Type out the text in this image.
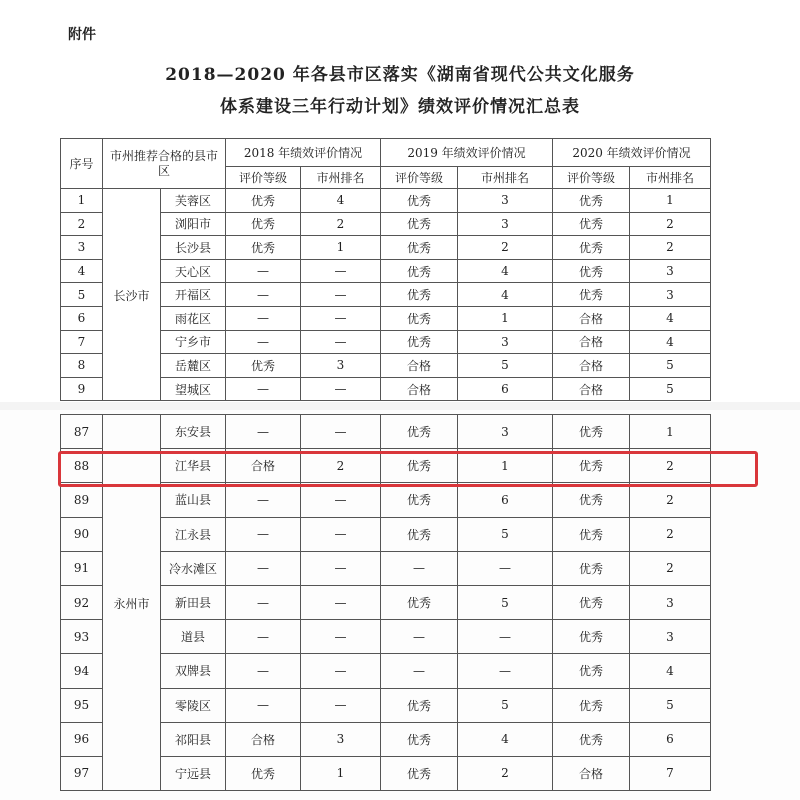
附件
2018—2020 年各县市区落实《湖南省现代公共文化服务
体系建设三年行动计划》绩效评价情况汇总表
序号	市州推荐合格的县市区		2018 年绩效评价情况		2019 年绩效评价情况		2020 年绩效评价情况	
			评价等级	市州排名	评价等级	市州排名	评价等级	市州排名
1	长沙市	芙蓉区	优秀	4	优秀	3	优秀	1
2		浏阳市	优秀	2	优秀	3	优秀	2
3		长沙县	优秀	1	优秀	2	优秀	2
4		天心区	—	—	优秀	4	优秀	3
5		开福区	—	—	优秀	4	优秀	3
6		雨花区	—	—	优秀	1	合格	4
7		宁乡市	—	—	优秀	3	合格	4
8		岳麓区	优秀	3	合格	5	合格	5
9		望城区	—	—	合格	6	合格	5
87	永州市	东安县	—	—	优秀	3	优秀	1
88		江华县	合格	2	优秀	1	优秀	2
89		蓝山县	—	—	优秀	6	优秀	2
90		江永县	—	—	优秀	5	优秀	2
91		冷水滩区	—	—	—	—	优秀	2
92		新田县	—	—	优秀	5	优秀	3
93		道县	—	—	—	—	优秀	3
94		双牌县	—	—	—	—	优秀	4
95		零陵区	—	—	优秀	5	优秀	5
96		祁阳县	合格	3	优秀	4	优秀	6
97		宁远县	优秀	1	优秀	2	合格	7
